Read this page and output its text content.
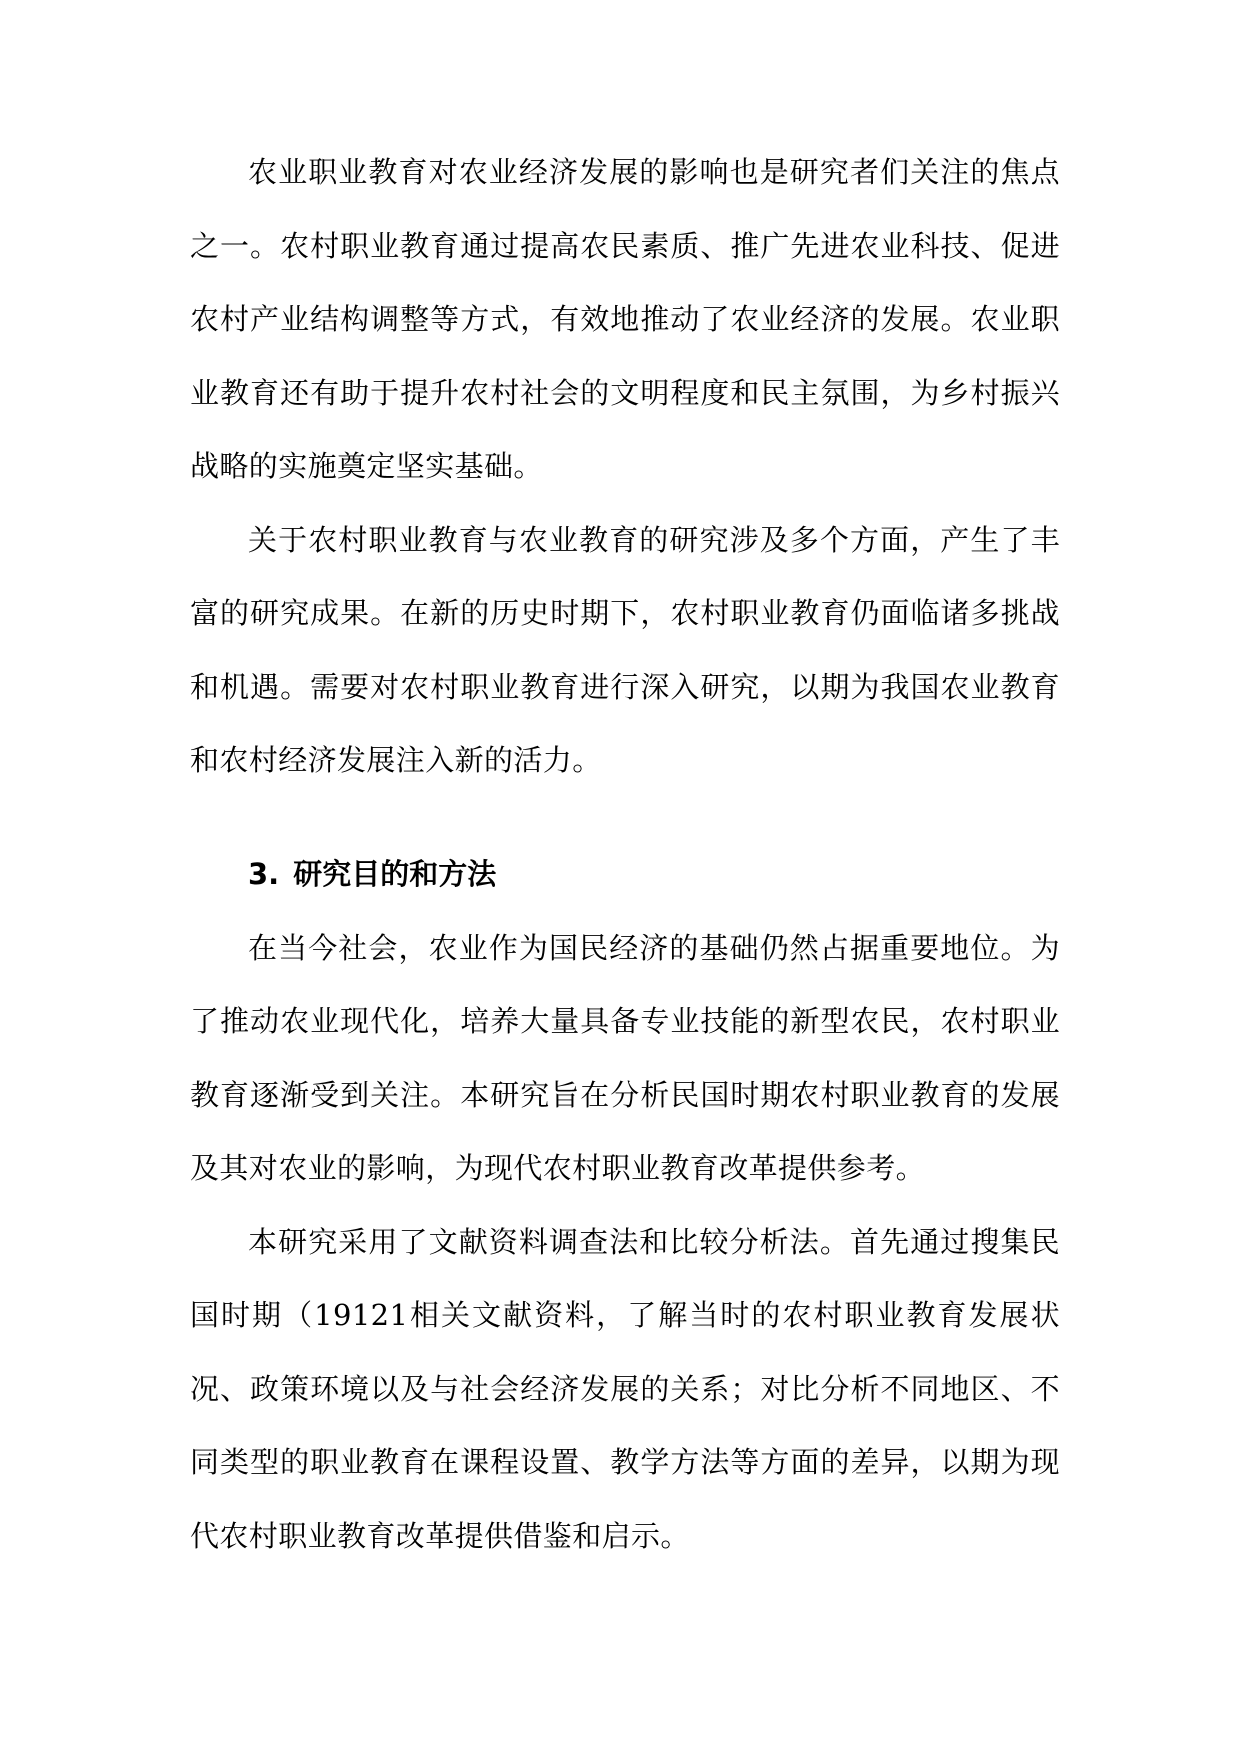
农业职业教育对农业经济发展的影响也是研究者们关注的焦点之一。农村职业教育通过提高农民素质、推广先进农业科技、促进农村产业结构调整等方式，有效地推动了农业经济的发展。农业职业教育还有助于提升农村社会的文明程度和民主氛围，为乡村振兴战略的实施奠定坚实基础。

关于农村职业教育与农业教育的研究涉及多个方面，产生了丰富的研究成果。在新的历史时期下，农村职业教育仍面临诸多挑战和机遇。需要对农村职业教育进行深入研究，以期为我国农业教育和农村经济发展注入新的活力。

3. 研究目的和方法

在当今社会，农业作为国民经济的基础仍然占据重要地位。为了推动农业现代化，培养大量具备专业技能的新型农民，农村职业教育逐渐受到关注。本研究旨在分析民国时期农村职业教育的发展及其对农业的影响，为现代农村职业教育改革提供参考。

本研究采用了文献资料调查法和比较分析法。首先通过搜集民国时期（19121相关文献资料，了解当时的农村职业教育发展状况、政策环境以及与社会经济发展的关系；对比分析不同地区、不同类型的职业教育在课程设置、教学方法等方面的差异，以期为现代农村职业教育改革提供借鉴和启示。
